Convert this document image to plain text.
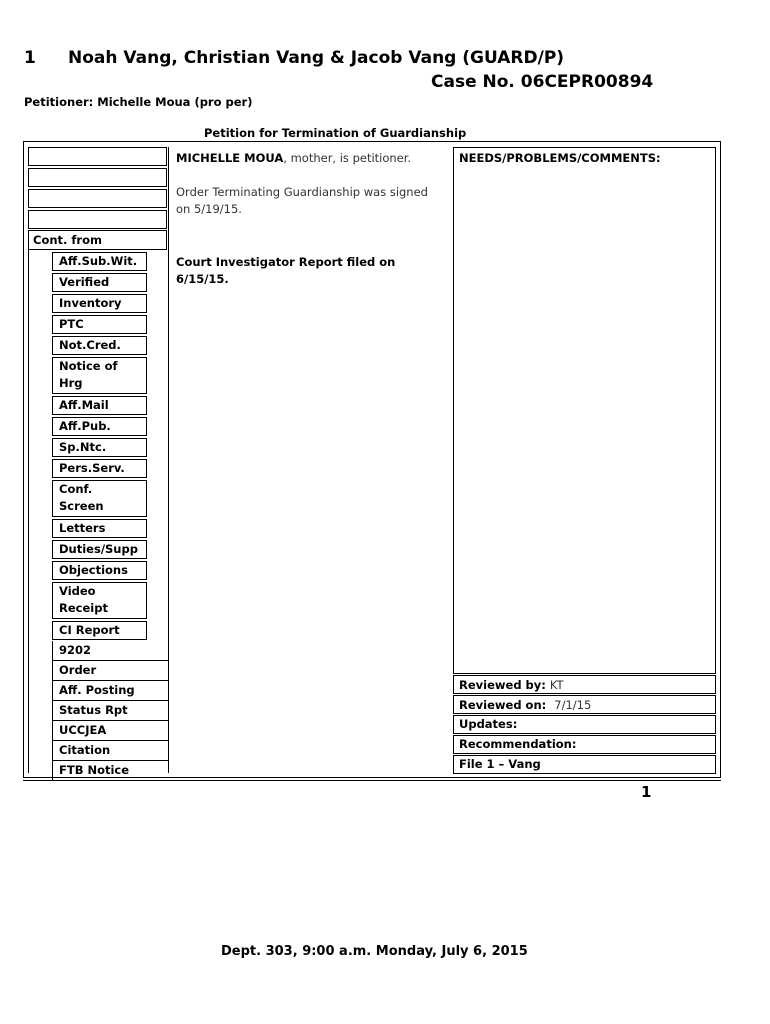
1 Noah Vang, Christian Vang & Jacob Vang (GUARD/P)
Case No. 06CEPR00894
Petitioner: Michelle Moua (pro per)
Petition for Termination of Guardianship
Cont. from
Aff.Sub.Wit.
Verified
Inventory
PTC
Not.Cred.
Notice of Hrg
Aff.Mail
Aff.Pub.
Sp.Ntc.
Pers.Serv.
Conf. Screen
Letters
Duties/Supp
Objections
Video Receipt
CI Report
9202
Order
Aff. Posting
Status Rpt
UCCJEA
Citation
FTB Notice
MICHELLE MOUA, mother, is petitioner.
Order Terminating Guardianship was signed on 5/19/15.
Court Investigator Report filed on 6/15/15.
NEEDS/PROBLEMS/COMMENTS:
Reviewed by: KT
Reviewed on: 7/1/15
Updates:
Recommendation:
File 1 – Vang
1
Dept. 303, 9:00 a.m. Monday, July 6, 2015
